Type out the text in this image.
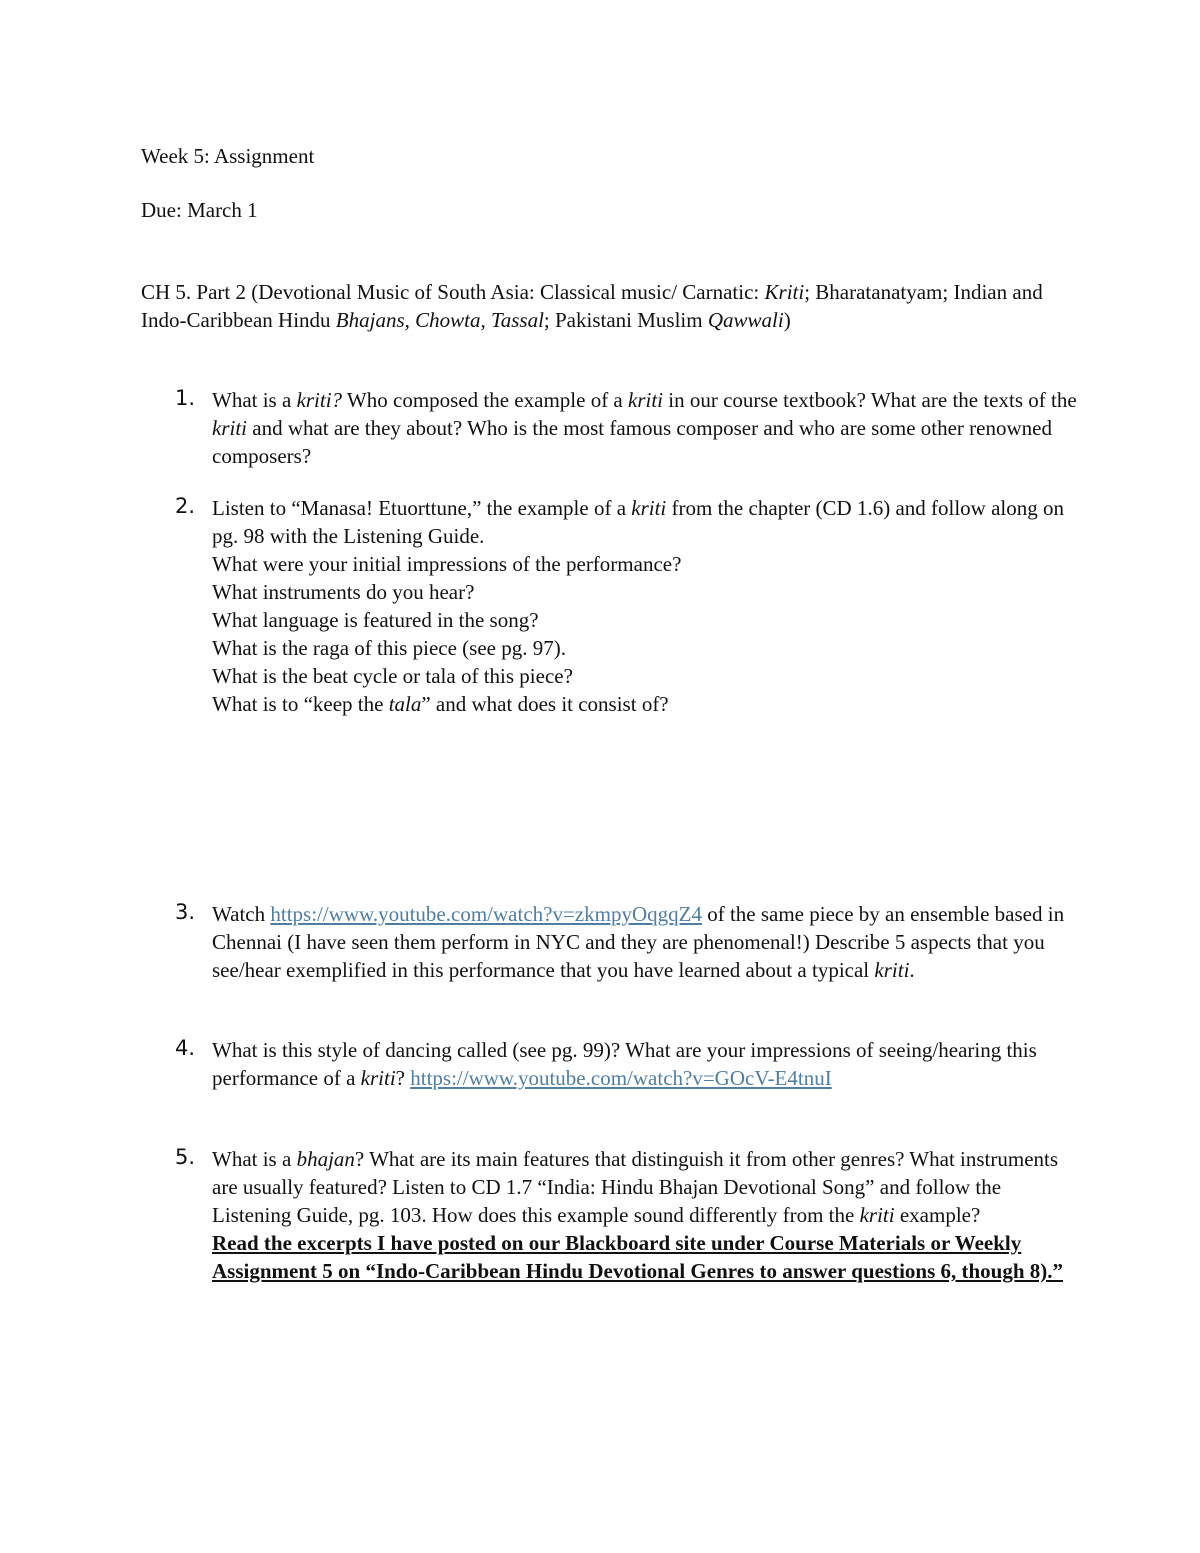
Week 5: Assignment
Due: March 1
CH 5. Part 2 (Devotional Music of South Asia: Classical music/ Carnatic: Kriti; Bharatanatyam; Indian and Indo-Caribbean Hindu Bhajans, Chowta, Tassal; Pakistani Muslim Qawwali)
1. What is a kriti? Who composed the example of a kriti in our course textbook? What are the texts of the kriti and what are they about? Who is the most famous composer and who are some other renowned composers?
2. Listen to “Manasa! Etuorttune,” the example of a kriti from the chapter (CD 1.6) and follow along on pg. 98 with the Listening Guide.

What were your initial impressions of the performance?

What instruments do you hear?

What language is featured in the song?

What is the raga of this piece (see pg. 97).

What is the beat cycle or tala of this piece?

What is to “keep the tala” and what does it consist of?

3. Watch https://www.youtube.com/watch?v=zkmpyOqgqZ4 of the same piece by an ensemble based in Chennai (I have seen them perform in NYC and they are phenomenal!) Describe 5 aspects that you see/hear exemplified in this performance that you have learned about a typical kriti.
4. What is this style of dancing called (see pg. 99)? What are your impressions of seeing/hearing this performance of a kriti? https://www.youtube.com/watch?v=GOcV-E4tnuI
5. What is a bhajan? What are its main features that distinguish it from other genres? What instruments are usually featured? Listen to CD 1.7 “India: Hindu Bhajan Devotional Song” and follow the Listening Guide, pg. 103. How does this example sound differently from the kriti example?

Read the excerpts I have posted on our Blackboard site under Course Materials or Weekly Assignment 5 on “Indo-Caribbean Hindu Devotional Genres to answer questions 6, though 8).”
